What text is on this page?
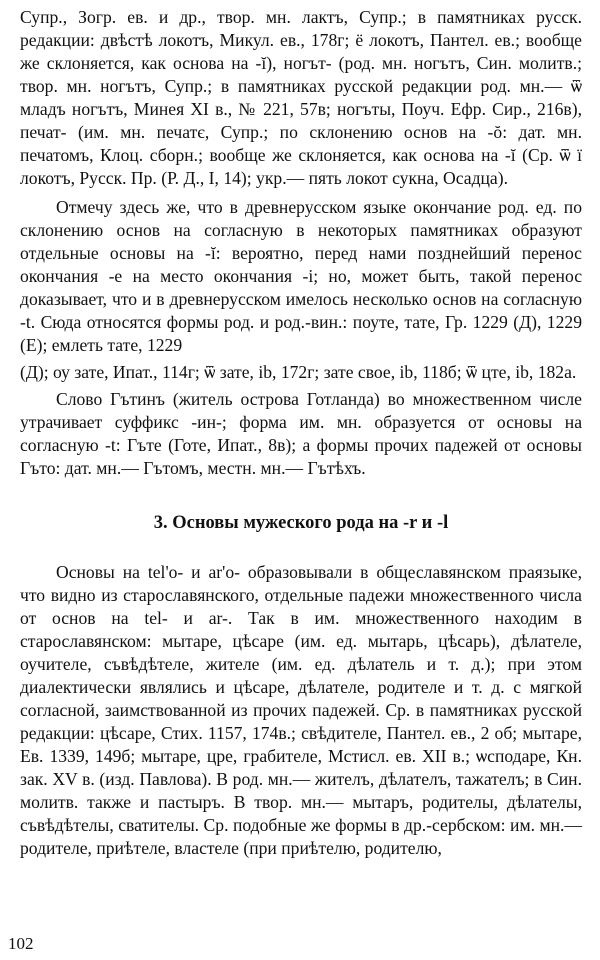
Супр., Зогр. ев. и др., твор. мн. лактъ, Супр.; в памятниках русск. редакции: двѣстѣ локотъ, Микул. ев., 178г; ё локотъ, Пантел. ев.; вообще же склоняется, как основа на -ĭ), ногът- (род. мн. ногътъ, Син. молитв.; твор. мн. ногътъ, Супр.; в памятниках русской редакции род. мн.— ѿ младъ ногътъ, Минея XI в., № 221, 57в; ногъты, Поуч. Ефр. Сир., 216в), печат- (им. мн. печатє, Супр.; по склонению основ на -ŏ: дат. мн. печатомъ, Клоц. сборн.; вообще же склоняется, как основа на -ĭ (Ср. ѿ ї локотъ, Русск. Пр. (Р. Д., I, 14); укр.— пять локот сукна, Осадца).

Отмечу здесь же, что в древнерусском языке окончание род. ед. по склонению основ на согласную в некоторых памятниках образуют отдельные основы на -ĭ: вероятно, перед нами позднейший перенос окончания -е на место окончания -i; но, может быть, такой перенос доказывает, что и в древнерусском имелось несколько основ на согласную -t. Сюда относятся формы род. и род.-вин.: поуте, тате, Гр. 1229 (Д), 1229 (Е); емлеть тате, 1229

(Д); оу зате, Ипат., 114г; ѿ зате, ib, 172г; зате свое, ib, 118б; ѿ цте, ib, 182а.

Слово Гътинъ (житель острова Готланда) во множественном числе утрачивает суффикс -ин-; форма им. мн. образуется от основы на согласную -t: Гъте (Готе, Ипат., 8в); а формы прочих падежей от основы Гъто: дат. мн.— Гътомъ, местн. мн.— Гътѣхъ.

3. Основы мужеского рода на -r и -l

Основы на tel'o- и ar'o- образовывали в общеславянском праязыке, что видно из старославянского, отдельные падежи множественного числа от основ на tel- и ar-. Так в им. множественного находим в старославянском: мытаре, цѣсаре (им. ед. мытарь, цѣсарь), дѣлателе, оучителе, съвѣдѣтеле, жителе (им. ед. дѣлатель и т. д.); при этом диалектически являлись и цѣсаре, дѣлателе, родителе и т. д. с мягкой согласной, заимствованной из прочих падежей. Ср. в памятниках русской редакции: цѣсаре, Стих. 1157, 174в.; свѣдителе, Пантел. ев., 2 об; мытаре, Ев. 1339, 149б; мытаре, цре, грабителе, Мстисл. ев. XII в.; ѡсподаре, Кн. зак. XV в. (изд. Павлова). В род. мн.— жителъ, дѣлателъ, тажателъ; в Син. молитв. также и пастыръ. В твор. мн.— мытаръ, родителы, дѣлателы, съвѣдѣтелы, сватителы. Ср. подобные же формы в др.-сербском: им. мн.— родителе, приѣтеле, властеле (при приѣтелю, родителю,

102
